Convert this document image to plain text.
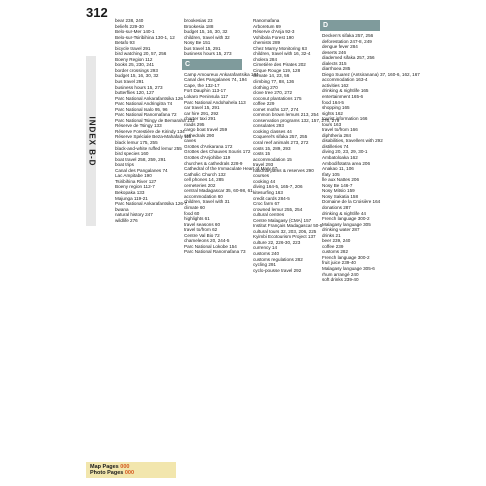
312
INDEX B-D

bear 238, 240

beliefs 229-30

Belo-sur-Mer 140-1

Belo-sur-Tsiribihina 130-1, 12

Betafo 93

bicycle travel 291

bird watching 20, 57, 256

Boeny Region 112

books 25, 230, 241

border crossings 293

budget 15, 16, 30, 32

bus travel 291

business hours 15, 273

butterflies 120, 127

Parc National Ankarafantsika 126

Parc National Andringitra 74

Parc National Isalo 95, 96

Parc National Ranomafana 72

Parc National Tsingy de Bemaraha 133

Réserve de Tsingy 133

Réserve Forestière de Kirindy 134

Réserve Spéciale Beza-Mahafaly 111

black lemur 175, 255

black-and-white ruffed lemur 255

bird species 160

boat travel 258, 259, 291

boat trips

Canal des Pangalanes 74

Lac Ampitabe 190

Tsiribihina River 127

Boeny region 112-7

Bekopaka 133

Majunga 119-21

Parc National Ankarafantsika 126-7

bwana

natural history 247

wildlife 276

brookesias 23

Brookesia 188

budget 15, 16, 30, 32

children, travel with 32

Nosy Be 151

bus travel 15, 291

business hours 15, 273

C

Camp Amoureux Ankarafantsika 164

Canal des Pangalanes 74, 194

Cape, the 132-17

Fort Dauphin 113-17

Lokaro Peninsula 117

Parc National Andohahela 113

car travel 15, 291

car hire 291, 292

charter taxi 291

roads 295

cargo boat travel 259

cathedrals 290

caves

Grottes d'Ankarana 172

Grottes des Chauves Souris 172

Grottes d'Anjohibe 119

churches & cathedrals 228-9

Cathedral of the Immaculate Heart of Mary 67

Catholic Church 132

cell phones 14, 285

cemeteries 202

central Madagascar 35, 60-98, 61

accommodation 60

children, travel with 31

climate 60

food 60

highlights 61

travel seasons 60

travel to/from 62

Centre Val Bio 72

chameleons 20, 244-5

Parc National Lokobe 154

Parc National Ranomafana 73

Ranomafana

Arboretum 69

Réserve d'Anja 92-3

Vohibola Forest 190

chemists 289

Chez Marny Monitoring 63

children, travel with 16, 32-4

cholera 284

Cimetière des Pirates 202

Cirque Rouge 119, 128

climate 14, 23, 56

climbing 77, 88, 136

clothing 270

clove tree 270, 272

coconut plantations 175

coffee 229

comet moths 127, 274

common brown lemurs 213, 254

conservation programs 132, 157, 276, 279

consulates 293

cooking classes 44

Coquerel's sifaka 257, 255

coral reef animals 273, 272

costs 15, 289, 293

costs 15

accommodation 15

travel 293

national parks & reserves 290

courses

cooking 44

diving 164-5, 165-7, 206

kitesurfing 163

credit cards 284-5

Croc farm 67

crowned lemur 255, 254

cultural centres

Centre Malagasy (CMA) 157

Institut Français Madagascar 50-5

cultural tours 32, 203, 206, 225

Kyimbi Ecotourism Project 137

culture 22, 226-30, 223

currency 14

customs 240

customs regulations 282

cycling 291

cyclo-pousse travel 292

D

Decken's sifaka 257, 256

deforestation 247-8, 249

dengue fever 284

deserts 246

diademed sifaka 257, 256

dialects 315

diarrhoea 285

Diego Suarez (Antsiranana) 37, 160-6, 162, 167

accommodation 163-4

activities 162

drinking & nightlife 165

entertainment 165-6

food 164-5

shopping 165

sights 162

tourist information 166

tours 163

travel to/from 166

diphtheria 284

disabilities, travellers with 292

distilleries 74

diving 20, 23, 29, 30-1

Ambatoloaka 162

Ambodifotatra area 206

Anakao 11, 106

Ifaty 105

Île aux Nattes 206

Nosy Be 146-7

Nosy Mitsio 159

Nosy Sakatia 158

Domaine de la Croisière 164

donations 287

drinking & nightlife 44

French language 300-2

Malagasy language 305

drinking water 287

drinks 21

beer 239, 240

coffee 239

customs 282

French language 300-2

fruit juice 239-40

Malagasy language 305-6

rhum arrangé 240

soft drinks 239-40

Map Pages 000
Photo Pages 000
